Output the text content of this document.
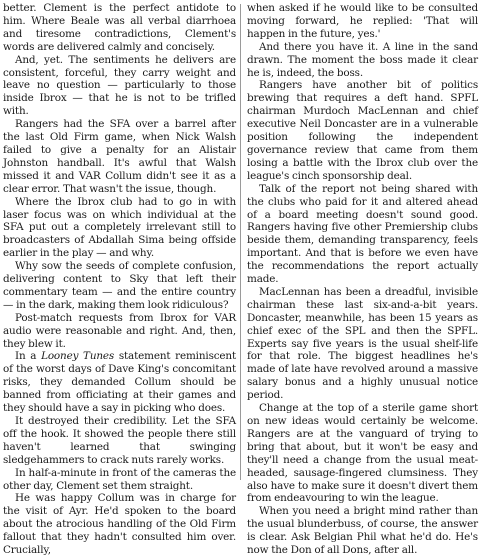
better. Clement is the perfect antidote to him. Where Beale was all verbal diarrhoea and tiresome contradictions, Clement's words are delivered calmly and concisely.

And, yet. The sentiments he delivers are consistent, forceful, they carry weight and leave no question — particularly to those inside Ibrox — that he is not to be trifled with.

Rangers had the SFA over a barrel after the last Old Firm game, when Nick Walsh failed to give a penalty for an Alistair Johnston handball. It's awful that Walsh missed it and VAR Collum didn't see it as a clear error. That wasn't the issue, though.

Where the Ibrox club had to go in with laser focus was on which individual at the SFA put out a completely irrelevant still to broadcasters of Abdallah Sima being offside earlier in the play — and why.

Why sow the seeds of complete confusion, delivering content to Sky that left their commentary team — and the entire country — in the dark, making them look ridiculous?

Post-match requests from Ibrox for VAR audio were reasonable and right. And, then, they blew it.

In a Looney Tunes statement reminiscent of the worst days of Dave King's concomitant risks, they demanded Collum should be banned from officiating at their games and they should have a say in picking who does.

It destroyed their credibility. Let the SFA off the hook. It showed the people there still haven't learned that swinging sledgehammers to crack nuts rarely works.

In half-a-minute in front of the cameras the other day, Clement set them straight.

He was happy Collum was in charge for the visit of Ayr. He'd spoken to the board about the atrocious handling of the Old Firm fallout that they hadn't consulted him over. Crucially,

when asked if he would like to be consulted moving forward, he replied: 'That will happen in the future, yes.'

And there you have it. A line in the sand drawn. The moment the boss made it clear he is, indeed, the boss.

Rangers have another bit of politics brewing that requires a deft hand. SPFL chairman Murdoch MacLennan and chief executive Neil Doncaster are in a vulnerable position following the independent governance review that came from them losing a battle with the Ibrox club over the league's cinch sponsorship deal.

Talk of the report not being shared with the clubs who paid for it and altered ahead of a board meeting doesn't sound good. Rangers having five other Premiership clubs beside them, demanding transparency, feels important. And that is before we even have the recommendations the report actually made.

MacLennan has been a dreadful, invisible chairman these last six-and-a-bit years. Doncaster, meanwhile, has been 15 years as chief exec of the SPL and then the SPFL. Experts say five years is the usual shelf-life for that role. The biggest headlines he's made of late have revolved around a massive salary bonus and a highly unusual notice period.

Change at the top of a sterile game short on new ideas would certainly be welcome. Rangers are at the vanguard of trying to bring that about, but it won't be easy and they'll need a change from the usual meat-headed, sausage-fingered clumsiness. They also have to make sure it doesn't divert them from endeavouring to win the league.

When you need a bright mind rather than the usual blunderbuss, of course, the answer is clear. Ask Belgian Phil what he'd do. He's now the Don of all Dons, after all.
